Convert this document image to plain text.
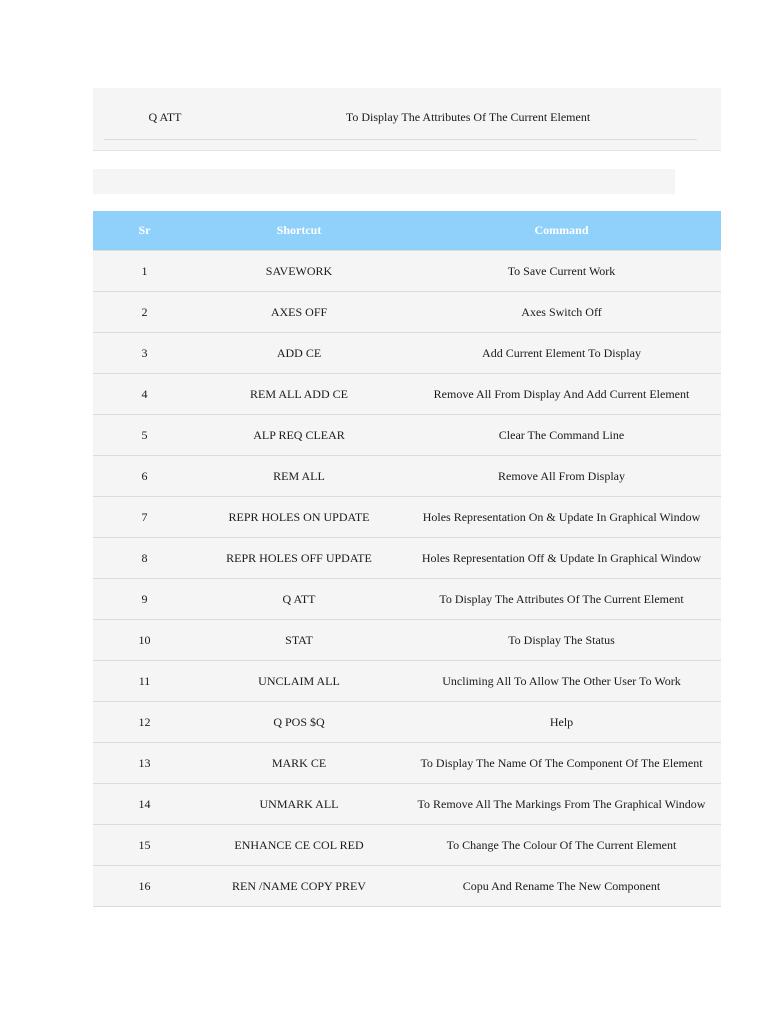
Q ATT	To Display The Attributes Of The Current Element
Sr	Shortcut	Command
1	SAVEWORK	To Save Current Work
2	AXES OFF	Axes Switch Off
3	ADD CE	Add Current Element To Display
4	REM ALL ADD CE	Remove All From Display And Add Current Element
5	ALP REQ CLEAR	Clear The Command Line
6	REM ALL	Remove All From Display
7	REPR HOLES ON UPDATE	Holes Representation On & Update In Graphical Window
8	REPR HOLES OFF UPDATE	Holes Representation Off & Update In Graphical Window
9	Q ATT	To Display The Attributes Of The Current Element
10	STAT	To Display The Status
11	UNCLAIM ALL	Uncliming All To Allow The Other User To Work
12	Q POS $Q	Help
13	MARK CE	To Display The Name Of The Component Of The Element
14	UNMARK ALL	To Remove All The Markings From The Graphical Window
15	ENHANCE CE COL RED	To Change The Colour Of The Current Element
16	REN /NAME COPY PREV	Copu And Rename The New Component
